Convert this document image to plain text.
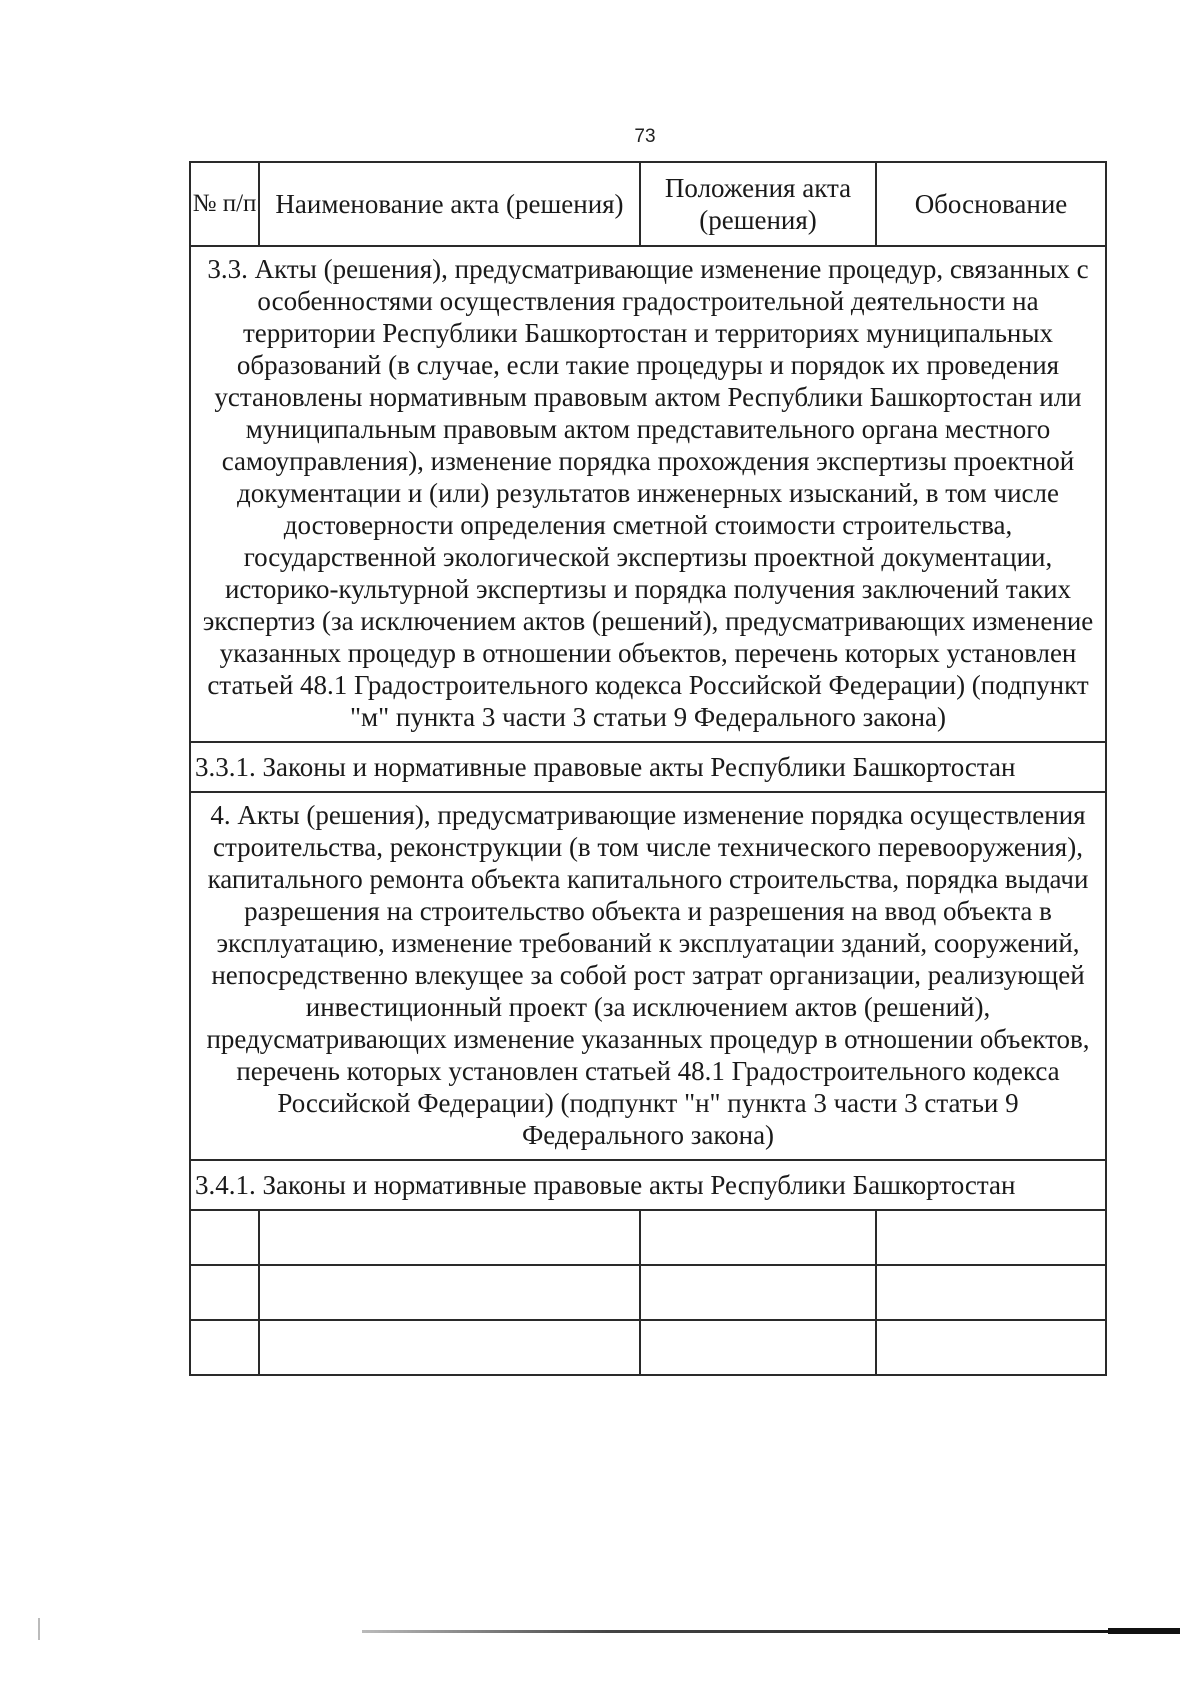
73
№ п/п	Наименование акта (решения)	Положения акта (решения)	Обоснование
3.3. Акты (решения), предусматривающие изменение процедур, связанных с особенностями осуществления градостроительной деятельности на территории Республики Башкортостан и территориях муниципальных образований (в случае, если такие процедуры и порядок их проведения установлены нормативным правовым актом Республики Башкортостан или муниципальным правовым актом представительного органа местного самоуправления), изменение порядка прохождения экспертизы проектной документации и (или) результатов инженерных изысканий, в том числе достоверности определения сметной стоимости строительства, государственной экологической экспертизы проектной документации, историко-культурной экспертизы и порядка получения заключений таких экспертиз (за исключением актов (решений), предусматривающих изменение указанных процедур в отношении объектов, перечень которых установлен статьей 48.1 Градостроительного кодекса Российской Федерации) (подпункт "м" пункта 3 части 3 статьи 9 Федерального закона)			
3.3.1. Законы и нормативные правовые акты Республики Башкортостан			
4. Акты (решения), предусматривающие изменение порядка осуществления строительства, реконструкции (в том числе технического перевооружения), капитального ремонта объекта капитального строительства, порядка выдачи разрешения на строительство объекта и разрешения на ввод объекта в эксплуатацию, изменение требований к эксплуатации зданий, сооружений, непосредственно влекущее за собой рост затрат организации, реализующей инвестиционный проект (за исключением актов (решений), предусматривающих изменение указанных процедур в отношении объектов, перечень которых установлен статьей 48.1 Градостроительного кодекса Российской Федерации) (подпункт "н" пункта 3 части 3 статьи 9 Федерального закона)			
3.4.1. Законы и нормативные правовые акты Республики Башкортостан			
